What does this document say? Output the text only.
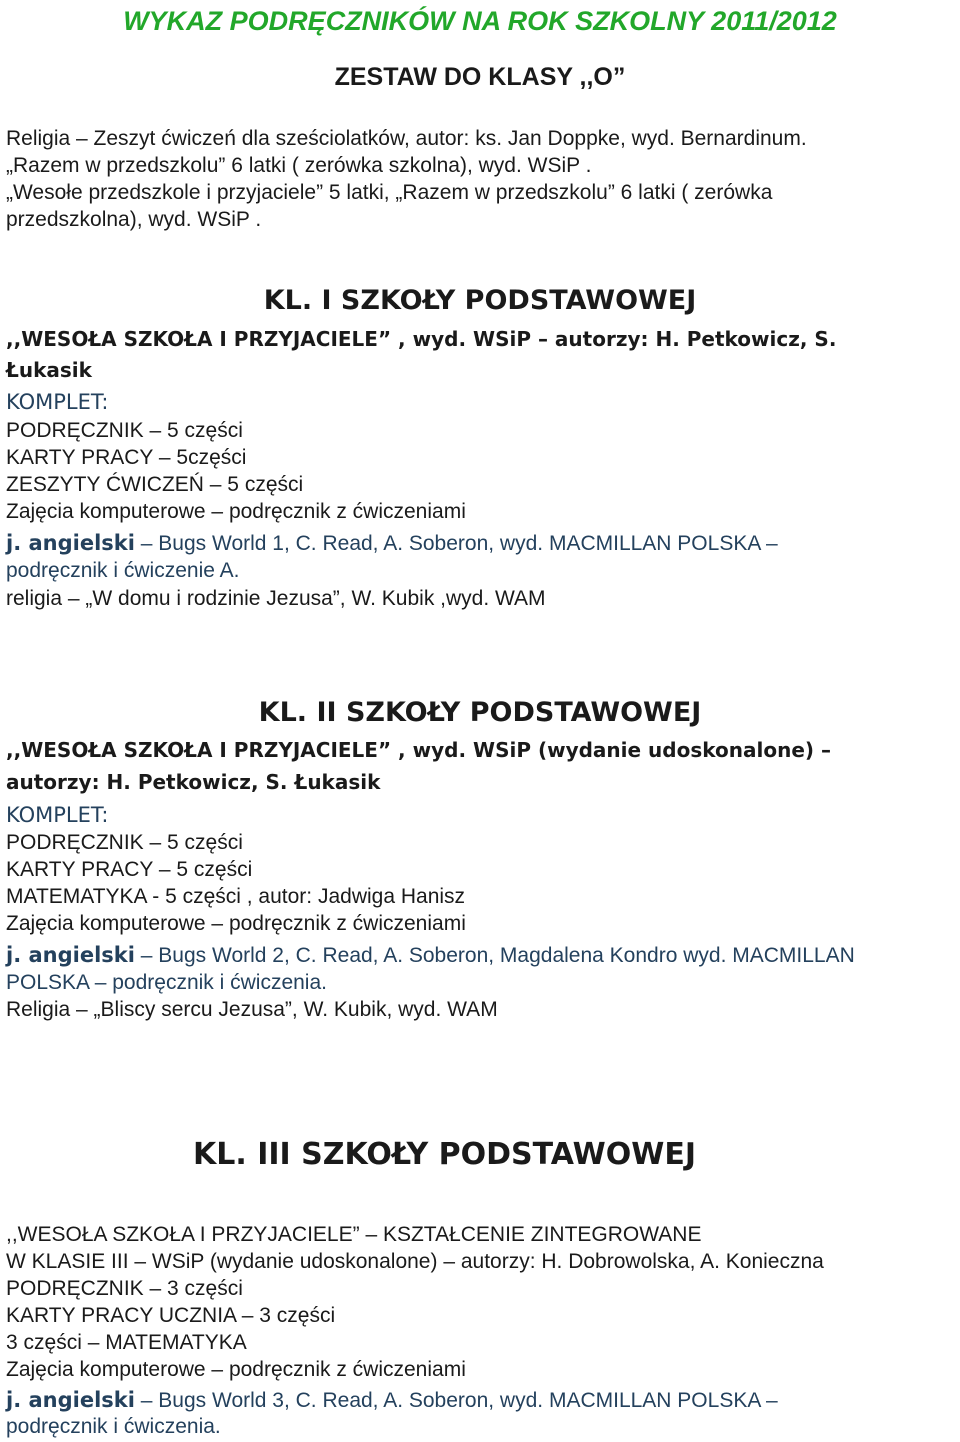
WYKAZ PODRĘCZNIKÓW NA ROK SZKOLNY 2011/2012
ZESTAW DO KLASY ,,O”
Religia – Zeszyt ćwiczeń dla sześciolatków, autor: ks. Jan Doppke, wyd. Bernardinum.
„Razem w przedszkolu” 6 latki ( zerówka szkolna), wyd. WSiP .
„Wesołe przedszkole i przyjaciele” 5 latki, „Razem w przedszkolu” 6 latki ( zerówka
przedszkolna), wyd. WSiP .
KL. I SZKOŁY PODSTAWOWEJ
,,WESOŁA SZKOŁA I PRZYJACIELE” , wyd. WSiP – autorzy: H. Petkowicz, S.
Łukasik
KOMPLET:
PODRĘCZNIK – 5 części
KARTY PRACY – 5części
ZESZYTY ĆWICZEŃ – 5 części
Zajęcia komputerowe – podręcznik z ćwiczeniami
j. angielski – Bugs World 1, C. Read, A. Soberon, wyd. MACMILLAN POLSKA –
podręcznik i ćwiczenie A.
religia – „W domu i rodzinie Jezusa”, W. Kubik ,wyd. WAM
KL. II SZKOŁY PODSTAWOWEJ
,,WESOŁA SZKOŁA I PRZYJACIELE” , wyd. WSiP (wydanie udoskonalone) –
autorzy: H. Petkowicz, S. Łukasik
KOMPLET:
PODRĘCZNIK – 5 części
KARTY PRACY – 5 części
MATEMATYKA - 5 części , autor: Jadwiga Hanisz
Zajęcia komputerowe – podręcznik z ćwiczeniami
j. angielski – Bugs World 2, C. Read, A. Soberon, Magdalena Kondro wyd. MACMILLAN
POLSKA – podręcznik i ćwiczenia.
Religia – „Bliscy sercu Jezusa”, W. Kubik, wyd. WAM
KL. III SZKOŁY PODSTAWOWEJ
,,WESOŁA SZKOŁA I PRZYJACIELE” – KSZTAŁCENIE ZINTEGROWANE
W KLASIE III – WSiP (wydanie udoskonalone) – autorzy: H. Dobrowolska, A. Konieczna
PODRĘCZNIK – 3 części
KARTY PRACY UCZNIA – 3 części
3 części – MATEMATYKA
Zajęcia komputerowe – podręcznik z ćwiczeniami
j. angielski – Bugs World 3, C. Read, A. Soberon, wyd. MACMILLAN POLSKA –
podręcznik i ćwiczenia.
